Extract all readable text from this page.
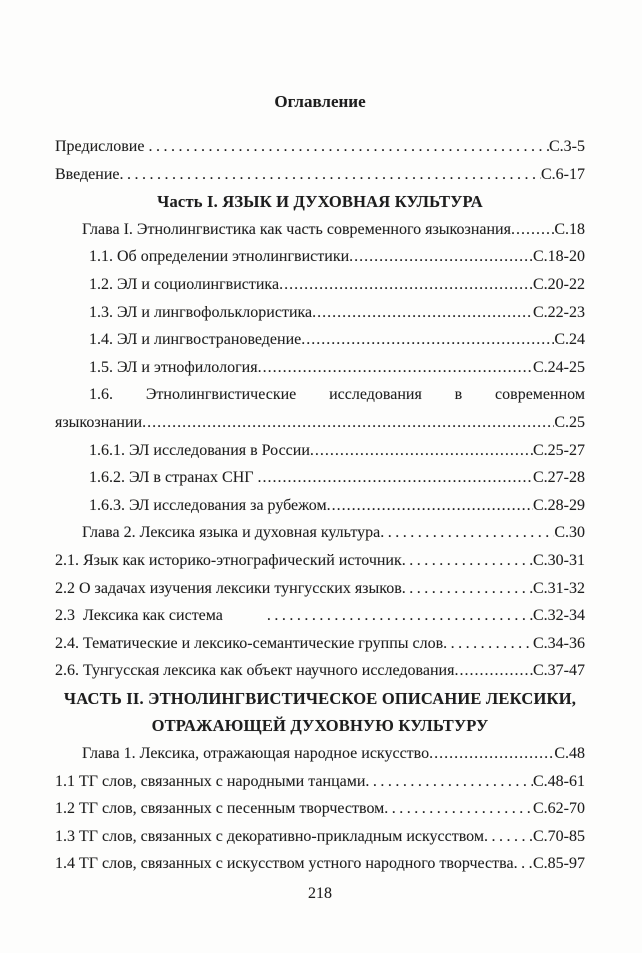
Оглавление
Предисловие .....	С.3-5
Введение .....	С.6-17
Часть I. ЯЗЫК И ДУХОВНАЯ КУЛЬТУРА
Глава I. Этнолингвистика как часть современного языкознания .....	С.18
1.1. Об определении этнолингвистики .....	С.18-20
1.2. ЭЛ и социолингвистика .....	С.20-22
1.3. ЭЛ и лингвофольклористика .....	С.22-23
1.4. ЭЛ и лингвострановедение .....	С.24
1.5. ЭЛ и этнофилология .....	С.24-25
1.6. Этнолингвистические исследования в современном
языкознании .....	С.25
1.6.1. ЭЛ исследования в России .....	С.25-27
1.6.2. ЭЛ в странах СНГ .....	С.27-28
1.6.3. ЭЛ исследования за рубежом .....	С.28-29
Глава 2. Лексика языка и духовная культура .....	С.30
2.1. Язык как историко-этнографический источник .....	С.30-31
2.2 О задачах изучения лексики тунгусских языков .....	С.31-32
2.3  Лексика как система .....	С.32-34
2.4. Тематические и лексико-семантические группы слов .....	С.34-36
2.6. Тунгусская лексика как объект научного исследования .....	С.37-47
ЧАСТЬ II. ЭТНОЛИНГВИСТИЧЕСКОЕ ОПИСАНИЕ ЛЕКСИКИ,
ОТРАЖАЮЩЕЙ ДУХОВНУЮ КУЛЬТУРУ
Глава 1. Лексика, отражающая народное искусство .....	С.48
1.1 ТГ слов, связанных с народными танцами .....	С.48-61
1.2 ТГ слов, связанных с песенным творчеством .....	С.62-70
1.3 ТГ слов, связанных с декоративно-прикладным искусством .....	С.70-85
1.4 ТГ слов, связанных с искусством устного народного творчества ..... С.85-97
218
